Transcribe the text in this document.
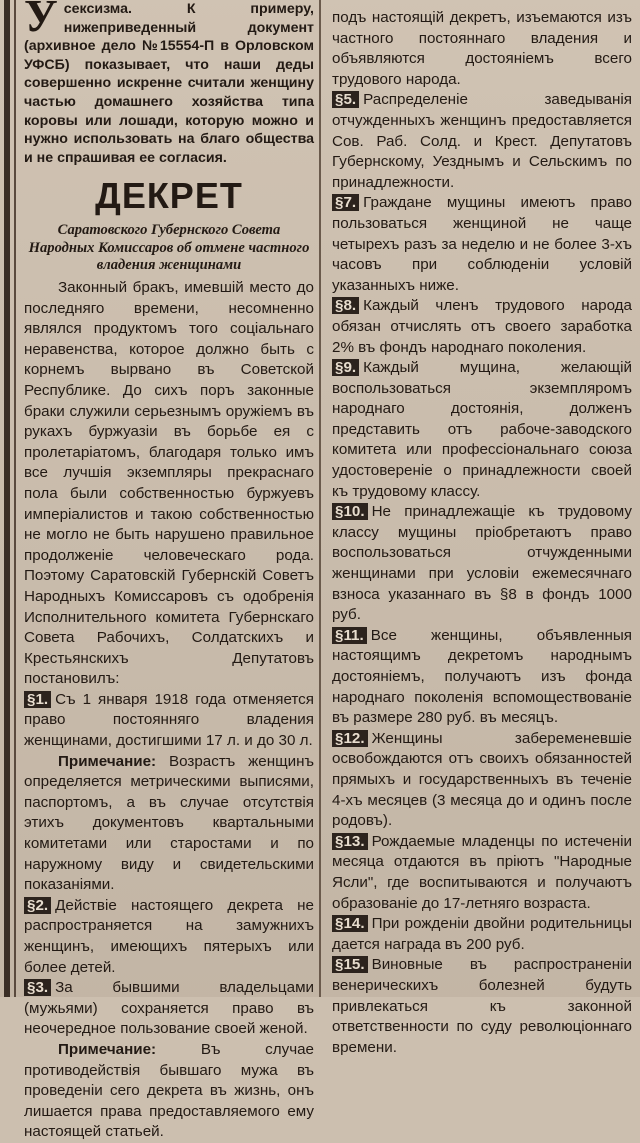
Усексизма. К примеру, нижеприведенный документ (архивное дело №15554-П в Орловском УФСБ) показывает, что наши деды совершенно искренне считали женщину частью домашнего хозяйства типа коровы или лошади, которую можно и нужно использовать на благо общества и не спрашивая ее согласия.
ДЕКРЕТ
Саратовского Губернского Совета Народных Комиссаров об отмене частного владения женщинами

Законный бракъ, имевшiй место до последняго времени, несомненно являлся продуктомъ того соцiальнаго неравенства, которое должно быть с корнемъ вырвано въ Советской Республике. До сихъ поръ законные браки служили серьезнымъ оружiемъ въ рукахъ буржуазiи въ борьбе ея с пролетарiатомъ, благодаря только имъ все лучшiя экземпляры прекраснаго пола были собственностью буржуевъ имперiалистов и такою собственностью не могло не быть нарушено правильное продолженiе человеческаго рода. Поэтому Саратовскiй Губернскiй Советъ Народныхъ Комиссаровъ съ одобренiя Исполнительного комитета Губернскаго Совета Рабочихъ, Солдатскихъ и Крестьянскихъ Депутатовъ постановилъ:

§1. Съ 1 января 1918 года отменяется право постоянняго владения женщинами, достигшими 17 л. и до 30 л.

Примечание: Возрастъ женщинъ определяется метрическими выписями, паспортомъ, а въ случае отсутствiя этихъ документовъ квартальными комитетами или старостами и по наружному виду и свидетельскими показанiями.

§2. Действiе настоящего декрета не распространяется на замужнихъ женщинъ, имеющихъ пятерыхъ или более детей.

§3. За бывшими владельцами (мужьями) сохраняется право въ неочередное пользование своей женой.

Примечание:	Въ случае противодействiя бывшаго мужа въ проведенiи сего декрета въ жизнь, онъ лишается права предоставляемого ему настоящей статьей.

подъ настоящiй декретъ, изъемаются изъ частного постояннаго владения и объявляются достоянiемъ всего трудового народа.

§5. Распределенiе заведыванiя отчужденныхъ женщинъ предоставляется Сов. Раб. Солд. и Крест. Депутатовъ Губернскому, Уезднымъ и Сельскимъ по принадлежности.

§7. Граждане мущины имеютъ право пользоваться женщиной не чаще четырехъ разъ за неделю и не более 3-хъ часовъ при соблюденiи условiй указанныхъ ниже.

§8. Каждый членъ трудового народа обязан отчислять отъ своего заработка 2% въ фондъ народнаго поколения.

§9. Каждый мущина, желающiй воспользоваться экземпляромъ народнаго достоянiя, долженъ представить отъ рабоче-заводского комитета или профессiональнаго союза удостоверенiе о принадлежности своей къ трудовому классу.

§10. Не принадлежащiе къ трудовому классу мущины прiобретаютъ право воспользоваться отчужденными женщинами при условiи ежемесячнаго взноса указаннаго въ §8 в фондъ 1000 руб.

§11. Все женщины, объявленныя настоящимъ декретомъ народнымъ достоянiемъ, получаютъ изъ фонда народнаго поколенiя вспомоществованiе въ размере 280 руб. въ месяцъ.

§12. Женщины забеременевшiе освобождаются отъ своихъ обязанностей прямыхъ и государственныхъ въ теченiе 4-хъ месяцев (3 месяца до и одинъ после родовъ).

§13. Рождаемые младенцы по истеченiи месяца отдаются въ прiютъ "Народные Ясли", где воспитываются и получаютъ образованiе до 17-летняго возраста.

§14. При рожденiи двойни родительницы дается награда въ 200 руб.

§15. Виновные въ распространенiи венерическихъ болезней будуть привлекаться къ законной ответственности по суду революцiоннаго времени.
